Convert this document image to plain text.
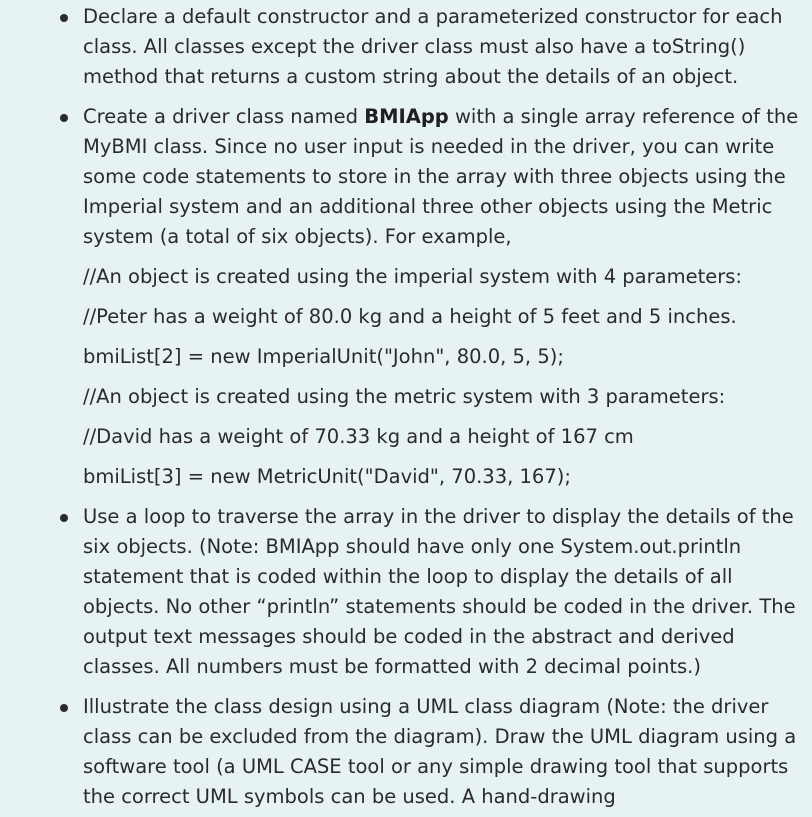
Declare a default constructor and a parameterized constructor for each class. All classes except the driver class must also have a toString() method that returns a custom string about the details of an object.

Create a driver class named BMIApp with a single array reference of the MyBMI class. Since no user input is needed in the driver, you can write some code statements to store in the array with three objects using the Imperial system and an additional three other objects using the Metric system (a total of six objects). For example,

//An object is created using the imperial system with 4 parameters:

//Peter has a weight of 80.0 kg and a height of 5 feet and 5 inches.

bmiList[2] = new ImperialUnit("John", 80.0, 5, 5);

//An object is created using the metric system with 3 parameters:

//David has a weight of 70.33 kg and a height of 167 cm

bmiList[3] = new MetricUnit("David", 70.33, 167);

Use a loop to traverse the array in the driver to display the details of the six objects. (Note: BMIApp should have only one System.out.println statement that is coded within the loop to display the details of all objects. No other “println” statements should be coded in the driver. The output text messages should be coded in the abstract and derived classes. All numbers must be formatted with 2 decimal points.)

Illustrate the class design using a UML class diagram (Note: the driver class can be excluded from the diagram). Draw the UML diagram using a software tool (a UML CASE tool or any simple drawing tool that supports the correct UML symbols can be used. A hand-drawing
